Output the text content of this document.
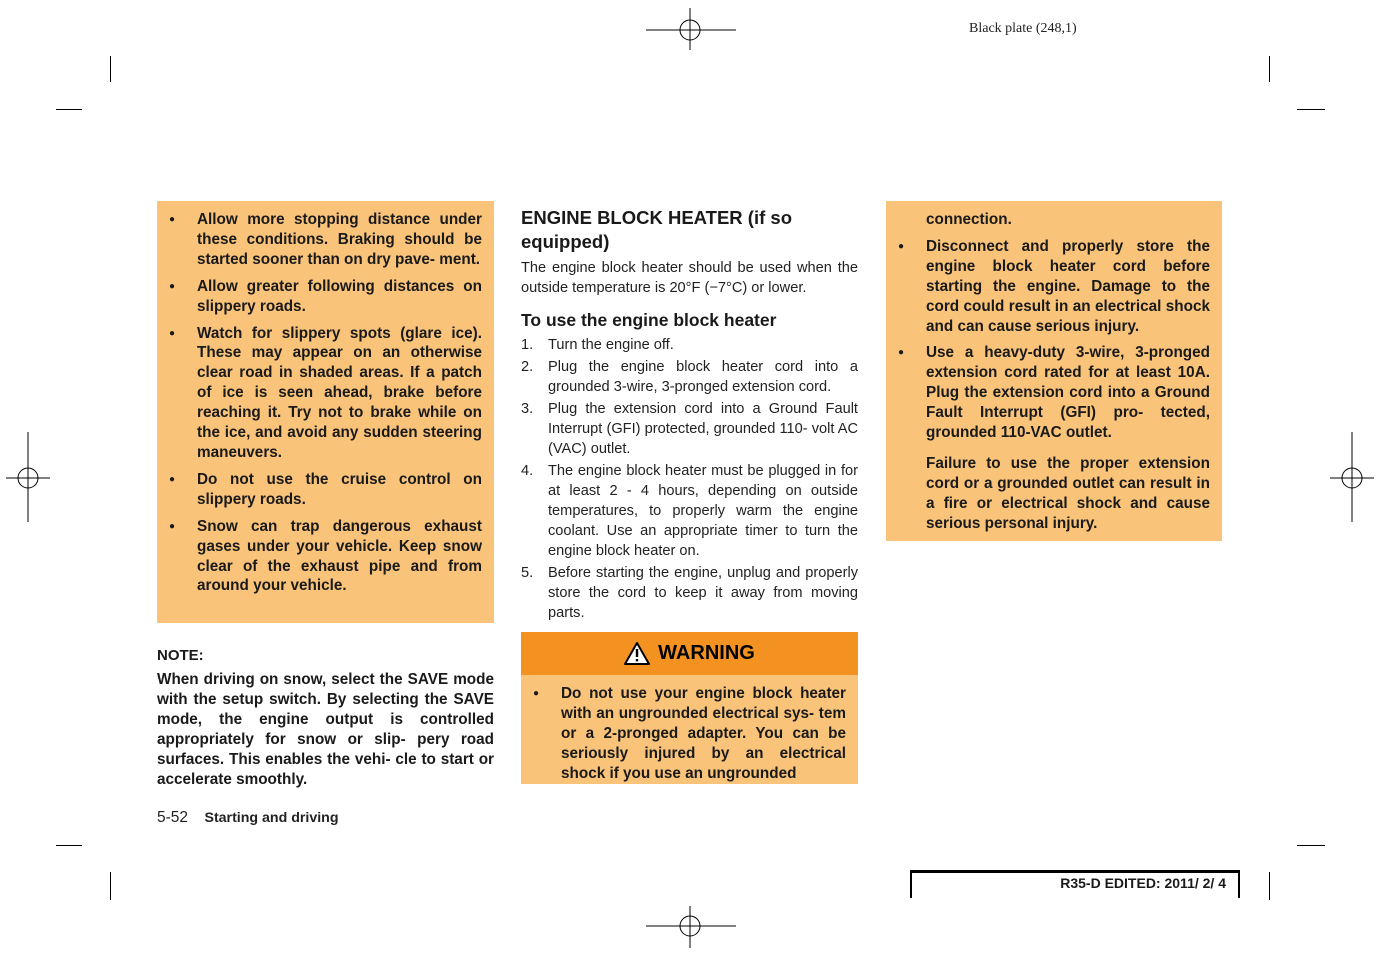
Black plate (248,1)
● Allow more stopping distance under these conditions. Braking should be started sooner than on dry pave- ment.
● Allow greater following distances on slippery roads.
● Watch for slippery spots (glare ice). These may appear on an otherwise clear road in shaded areas. If a patch of ice is seen ahead, brake before reaching it. Try not to brake while on the ice, and avoid any sudden steering maneuvers.
● Do not use the cruise control on slippery roads.
● Snow can trap dangerous exhaust gases under your vehicle. Keep snow clear of the exhaust pipe and from around your vehicle.

NOTE:

When driving on snow, select the SAVE mode with the setup switch. By selecting the SAVE mode, the engine output is controlled appropriately for snow or slip- pery road surfaces. This enables the vehi- cle to start or accelerate smoothly.

5-52 Starting and driving

ENGINE BLOCK HEATER (if so equipped)

The engine block heater should be used when the outside temperature is 20°F (−7°C) or lower.

To use the engine block heater

1. Turn the engine off.
2. Plug the engine block heater cord into a grounded 3-wire, 3-pronged extension cord.
3. Plug the extension cord into a Ground Fault Interrupt (GFI) protected, grounded 110- volt AC (VAC) outlet.
4. The engine block heater must be plugged in for at least 2 - 4 hours, depending on outside temperatures, to properly warm the engine coolant. Use an appropriate timer to turn the engine block heater on.
5. Before starting the engine, unplug and properly store the cord to keep it away from moving parts.
WARNING
● Do not use your engine block heater with an ungrounded electrical sys- tem or a 2-pronged adapter. You can be seriously injured by an electrical shock if you use an ungrounded

connection.

● Disconnect and properly store the engine block heater cord before starting the engine. Damage to the cord could result in an electrical shock and can cause serious injury.
● Use a heavy-duty 3-wire, 3-pronged extension cord rated for at least 10A. Plug the extension cord into a Ground Fault Interrupt (GFI) pro- tected, grounded 110-VAC outlet.

Failure to use the proper extension cord or a grounded outlet can result in a fire or electrical shock and cause serious personal injury.

R35-D EDITED: 2011/ 2/ 4
